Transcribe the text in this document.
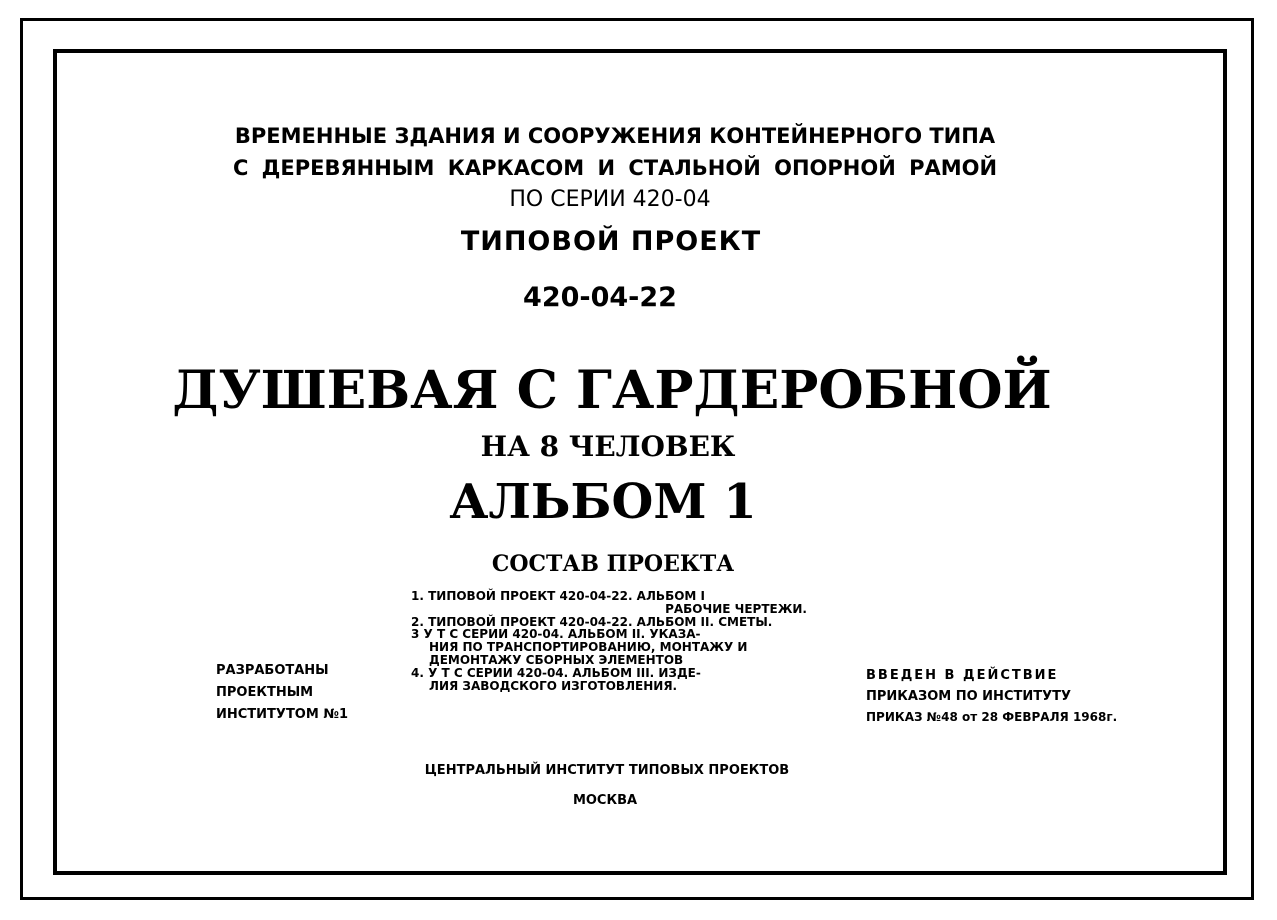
ВРЕМЕННЫЕ ЗДАНИЯ И СООРУЖЕНИЯ КОНТЕЙНЕРНОГО ТИПА
С ДЕРЕВЯННЫМ КАРКАСОМ И СТАЛЬНОЙ ОПОРНОЙ РАМОЙ
ПО СЕРИИ 420-04
ТИПОВОЙ ПРОЕКТ
420-04-22
ДУШЕВАЯ С ГАРДЕРОБНОЙ
НА 8 ЧЕЛОВЕК
АЛЬБОМ 1
СОСТАВ ПРОЕКТА
1. ТИПОВОЙ ПРОЕКТ 420-04-22. АЛЬБОМ I
РАБОЧИЕ ЧЕРТЕЖИ.
2. ТИПОВОЙ ПРОЕКТ 420-04-22. АЛЬБОМ II. СМЕТЫ.
3 У Т С СЕРИИ 420-04. АЛЬБОМ II. УКАЗА-
НИЯ ПО ТРАНСПОРТИРОВАНИЮ, МОНТАЖУ И
ДЕМОНТАЖУ СБОРНЫХ ЭЛЕМЕНТОВ
4. У Т С СЕРИИ 420-04. АЛЬБОМ III. ИЗДЕ-
ЛИЯ ЗАВОДСКОГО ИЗГОТОВЛЕНИЯ.
РАЗРАБОТАНЫ
ПРОЕКТНЫМ
ИНСТИТУТОМ №1
ВВЕДЕН В ДЕЙСТВИЕ
ПРИКАЗОМ ПО ИНСТИТУТУ
ПРИКАЗ №48 от 28 ФЕВРАЛЯ 1968г.
ЦЕНТРАЛЬНЫЙ ИНСТИТУТ ТИПОВЫХ ПРОЕКТОВ
МОСКВА
